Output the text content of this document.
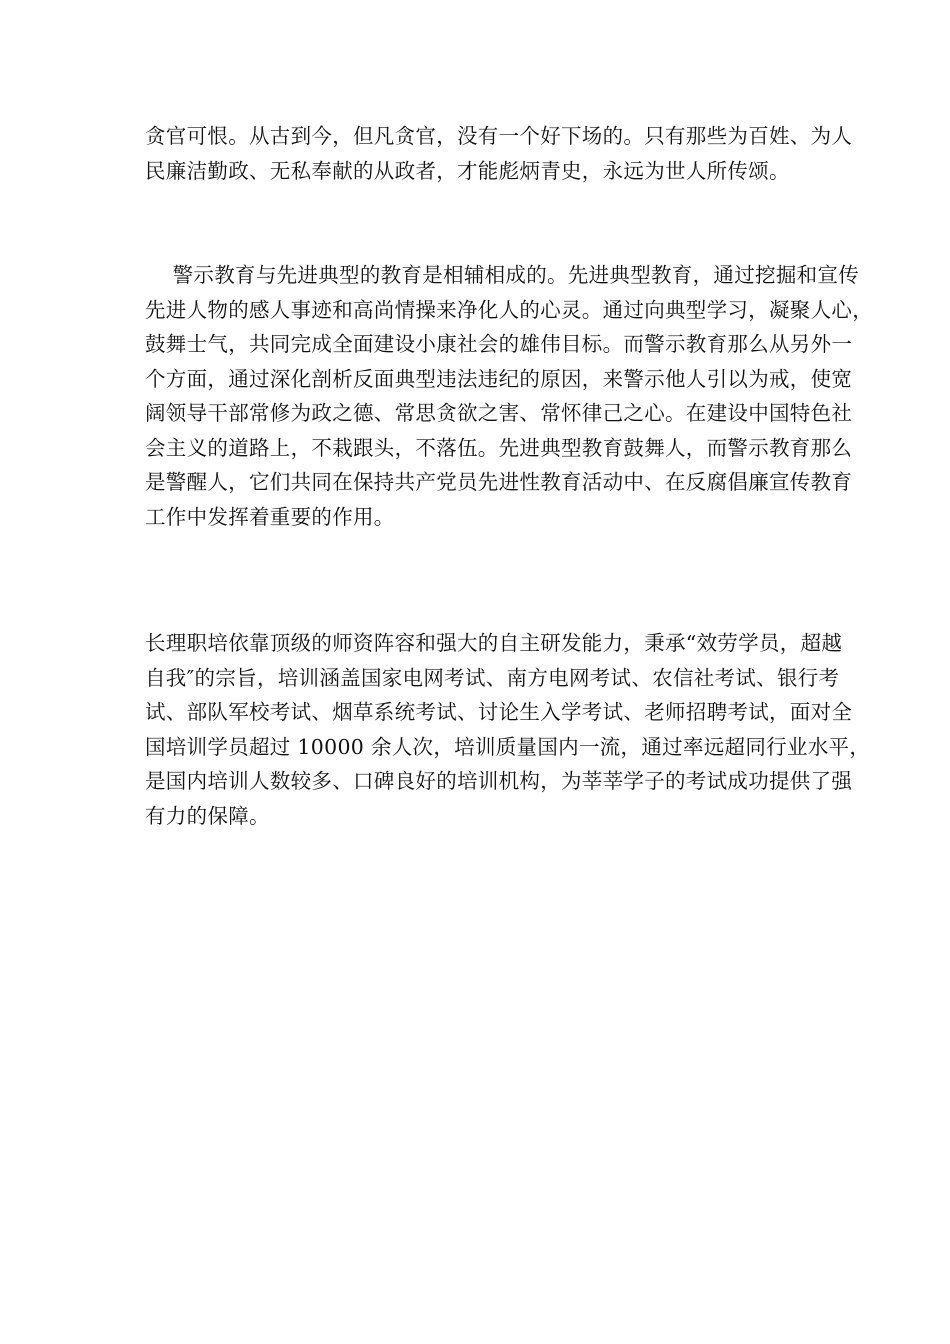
贪官可恨。从古到今，但凡贪官，没有一个好下场的。只有那些为百姓、为人
民廉洁勤政、无私奉献的从政者，才能彪炳青史，永远为世人所传颂。

　 警示教育与先进典型的教育是相辅相成的。先进典型教育，通过挖掘和宣传
先进人物的感人事迹和高尚情操来净化人的心灵。通过向典型学习，凝聚人心，
鼓舞士气，共同完成全面建设小康社会的雄伟目标。而警示教育那么从另外一
个方面，通过深化剖析反面典型违法违纪的原因，来警示他人引以为戒，使宽
阔领导干部常修为政之德、常思贪欲之害、常怀律己之心。在建设中国特色社
会主义的道路上，不栽跟头，不落伍。先进典型教育鼓舞人，而警示教育那么
是警醒人，它们共同在保持共产党员先进性教育活动中、在反腐倡廉宣传教育
工作中发挥着重要的作用。

长理职培依靠顶级的师资阵容和强大的自主研发能力，秉承“效劳学员，超越
自我″的宗旨，培训涵盖国家电网考试、南方电网考试、农信社考试、银行考
试、部队军校考试、烟草系统考试、讨论生入学考试、老师招聘考试，面对全
国培训学员超过 10000 余人次，培训质量国内一流，通过率远超同行业水平，
是国内培训人数较多、口碑良好的培训机构，为莘莘学子的考试成功提供了强
有力的保障。
